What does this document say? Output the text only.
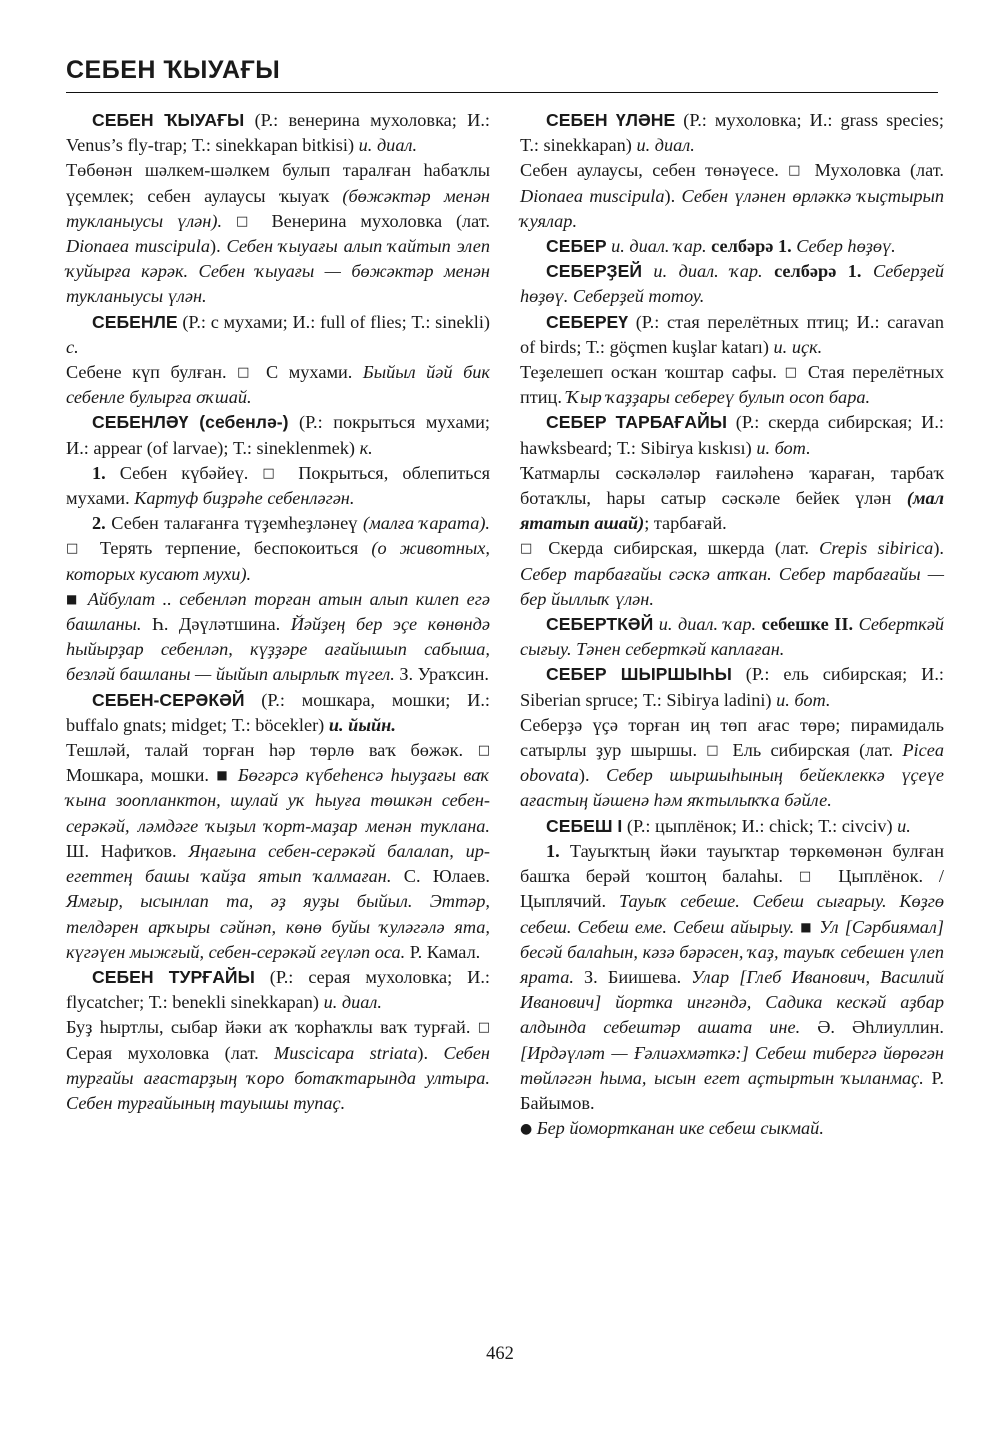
СЕБЕН ҠЫУАҒЫ

СЕБЕН ҠЫУАҒЫ (Р.: венерина мухоловка; И.: Venus’s fly-trap; Т.: sinekkapan bitkisi) и. диал.
Төбөнән шәлкем-шәлкем булып таралған һабаҡлы үҫемлек; себен аулаусы ҡыуаҡ (бөжәктәр менән тукланыусы үлән). □ Венерина мухоловка (лат. Dionaea muscipula). Себен ҡыуағы алып ҡайтып элеп ҡуйырға кәрәк. Себен ҡыуағы — бөжәктәр менән тукланыусы үлән.

СЕБЕНЛЕ (Р.: с мухами; И.: full of flies; Т.: sinekli) с.
Себене күп булған. □ С мухами. Быйыл йәй бик себенле булырға оҡшай.

СЕБЕНЛӘҮ (себенлә-) (Р.: покрыться мухами; И.: appear (of larvae); Т.: sineklenmek) к.

1. Себен күбәйеү. □ Покрыться, облепиться мухами. Картуф биҙрәһе себенләгән.

2. Себен талағанға түҙемһеҙләнеү (малға ҡарата). □ Терять терпение, беспокоиться (о животных, которых кусают мухи).
■ Айбулат .. себенләп торған атын алып килеп егә башланы. Һ. Дәүләтшина. Йәйҙең бер эҫе көнөндә һыйырҙар себенләп, күҙҙәре ағайышып сабыша, безләй башланы — йыйып алырлыҡ түгел. З. Ураҡсин.

СЕБЕН-СЕРӘКӘЙ (Р.: мошкара, мошки; И.: buffalo gnats; midget; Т.: böcekler) и. йыйн.
Тешләй, талай торған һәр төрлө ваҡ бөжәк. □ Мошкара, мошки. ■ Бөгәрсә күбеһенсә һыуҙағы ваҡ ҡына зоопланктон, шулай уҡ һыуға төшкән себен-серәкәй, ләмдәге ҡыҙыл ҡорт-маҙар менән туклана. Ш. Нафиҡов. Яңағына себен-серәкәй балалап, ир-егеттең башы ҡайҙа ятып ҡалмаған. С. Юлаев. Ямғыр, ысынлап та, әҙ яуҙы быйыл. Эттәр, телдәрен арҡыры сәйнәп, көнө буйы ҡуләгәлә ята, күгәүен мыжғый, себен-серәкәй геүләп оса. Р. Камал.

СЕБЕН ТУРҒАЙЫ (Р.: серая мухоловка; И.: flycatcher; Т.: benekli sinekkapan) и. диал.
Буҙ һыртлы, сыбар йәки аҡ ҡорһаҡлы ваҡ турғай. □ Серая мухоловка (лат. Muscicapa striata). Себен турғайы ағастарҙың ҡоро ботаҡтарында ултыра. Себен турғайының тауышы тупаҫ.

СЕБЕН ҮЛӘНЕ (Р.: мухоловка; И.: grass species; Т.: sinekkapan) и. диал.
Себен аулаусы, себен төнәүесе. □ Мухоловка (лат. Dionaea muscipula). Себен үләнен өрләккә ҡыҫтырып ҡуялар.

СЕБЕР и. диал. ҡар. селбәрә 1. Себер һөҙөү.

СЕБЕРҘЕЙ и. диал. ҡар. селбәрә 1. Себерҙей һөҙөү. Себерҙей тотоу.

СЕБЕРЕҮ (Р.: стая перелётных птиц; И.: caravan of birds; Т.: göçmen kuşlar katarı) и. иҫк.
Теҙелешеп осҡан ҡоштар сафы. □ Стая перелётных птиц. Ҡыр ҡаҙҙары себереү булып осоп бара.

СЕБЕР ТАРБАҒАЙЫ (Р.: скерда сибирская; И.: hawksbeard; Т.: Sibirya kıskısı) и. бот.
Ҡатмарлы сәскәләләр ғаиләһенә ҡараған, тарбаҡ ботаҡлы, һары сатыр сәскәле бейек үлән (мал ятатып ашай); тарбағай.
□ Скерда сибирская, шкерда (лат. Crepis sibirica). Себер тарбағайы сәскә атҡан. Себер тарбағайы — бер йыллыҡ үлән.

СЕБЕРТКӘЙ и. диал. ҡар. себешке II. Себерткәй сығыу. Тәнен себерткәй каплаған.

СЕБЕР ШЫРШЫҺЫ (Р.: ель сибирская; И.: Siberian spruce; Т.: Sibirya ladini) и. бот.
Себерҙә үҫә торған иң төп ағас төрө; пирамидаль сатырлы ҙур шыршы. □ Ель сибирская (лат. Picea obovata). Себер шыршыһының бейеклеккә үҫеүе ағастың йәшенә һәм яҡтылыҡҡа бәйле.

СЕБЕШ I (Р.: цыплёнок; И.: chick; Т.: civciv) и.

1. Тауыҡтың йәки тауыҡтар төркөмөнән булған башҡа берәй ҡоштоң балаһы. □ Цыплёнок. / Цыплячий. Тауыҡ себеше. Себеш сығарыу. Көҙгө себеш. Себеш еме. Себеш айырыу. ■ Ул [Сәрбиямал] бесәй балаһын, кәзә бәрәсен, ҡаҙ, тауыҡ себешен үлеп ярата. З. Биишева. Улар [Глеб Иванович, Василий Иванович] йортка ингәндә, Садика кескәй аҙбар алдында себештәр ашата ине. Ә. Әһлиуллин. [Ирдәүләт — Ғәлиәхмәткә:] Себеш тибергә йөрөгән төйләгән һыма, ысын егет аҫтыртын ҡыланмаҫ. Р. Байымов.
● Бер йомортканан ике себеш сыкмай.

462
